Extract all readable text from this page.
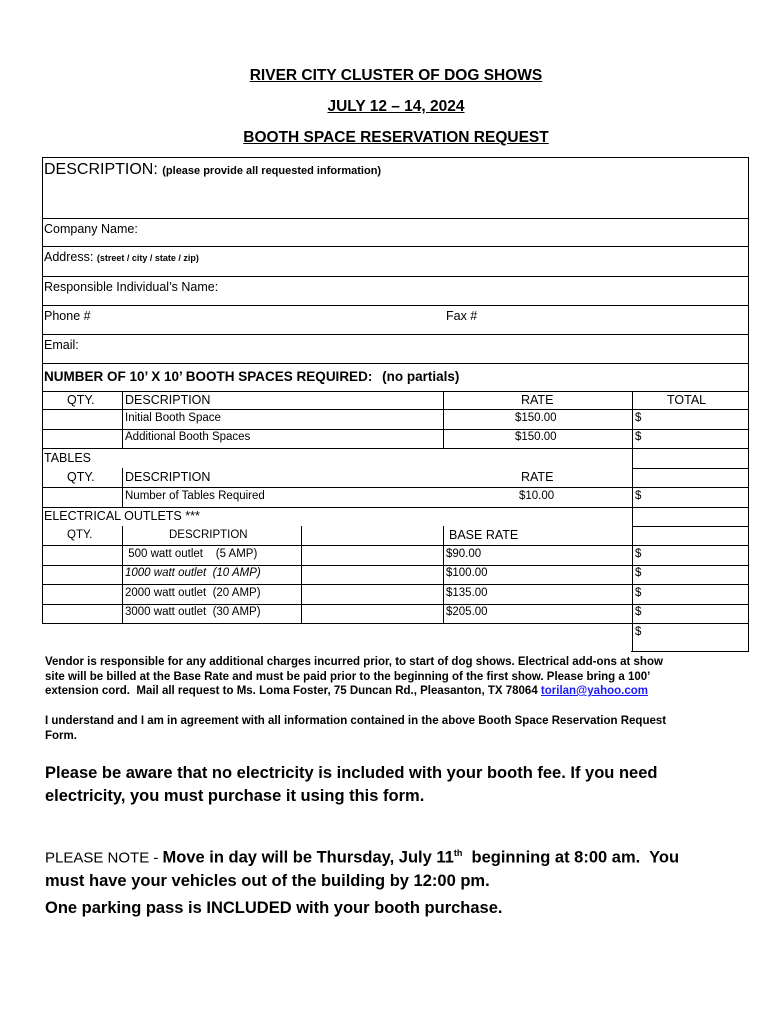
RIVER CITY CLUSTER OF DOG SHOWS
JULY 12 – 14, 2024
BOOTH SPACE RESERVATION REQUEST
DESCRIPTION: (please provide all requested information)
Company Name:
Address: (street / city / state / zip)
Responsible Individual’s Name:
Phone #	Fax #
Email:
NUMBER OF 10’ X 10’ BOOTH SPACES REQUIRED: (no partials)
QTY. DESCRIPTION	RATE	TOTAL
Initial Booth Space	$150.00	$
Additional Booth Spaces	$150.00	$
TABLES
QTY. DESCRIPTION	RATE
Number of Tables Required	$10.00	$
ELECTRICAL OUTLETS ***
QTY.	DESCRIPTION	BASE RATE
500 watt outlet    (5 AMP)	$90.00	$
1000 watt outlet  (10 AMP)	$100.00	$
2000 watt outlet  (20 AMP)	$135.00	$
3000 watt outlet  (30 AMP)	$205.00	$
$
Vendor is responsible for any additional charges incurred prior, to start of dog shows. Electrical add-ons at show
site will be billed at the Base Rate and must be paid prior to the beginning of the first show. Please bring a 100’
extension cord.  Mail all request to Ms. Loma Foster, 75 Duncan Rd., Pleasanton, TX 78064 torilan@yahoo.com
I understand and I am in agreement with all information contained in the above Booth Space Reservation Request
Form.
Please be aware that no electricity is included with your booth fee. If you need
electricity, you must purchase it using this form.
PLEASE NOTE - Move in day will be Thursday, July 11th  beginning at 8:00 am.  You
must have your vehicles out of the building by 12:00 pm.
One parking pass is INCLUDED with your booth purchase.
